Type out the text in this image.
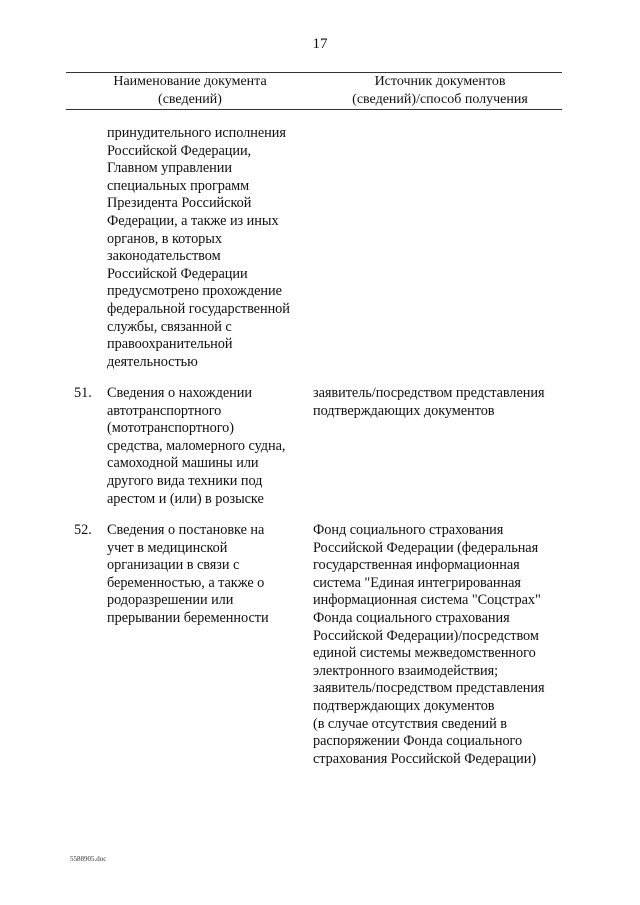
17
Наименование документа
(сведений)
Источник документов
(сведений)/способ получения
принудительного исполнения
Российской Федерации,
Главном управлении
специальных программ
Президента Российской
Федерации, а также из иных
органов, в которых
законодательством
Российской Федерации
предусмотрено прохождение
федеральной государственной
службы, связанной с
правоохранительной
деятельностью
51. Сведения о нахождении
автотранспортного
(мототранспортного)
средства, маломерного судна,
самоходной машины или
другого вида техники под
арестом и (или) в розыске
заявитель/посредством представления
подтверждающих документов
52. Сведения о постановке на
учет в медицинской
организации в связи с
беременностью, а также о
родоразрешении или
прерывании беременности
Фонд социального страхования
Российской Федерации (федеральная
государственная информационная
система "Единая интегрированная
информационная система "Соцстрах"
Фонда социального страхования
Российской Федерации)/посредством
единой системы межведомственного
электронного взаимодействия;
заявитель/посредством представления
подтверждающих документов
(в случае отсутствия сведений в
распоряжении Фонда социального
страхования Российской Федерации)
5588905.doc
